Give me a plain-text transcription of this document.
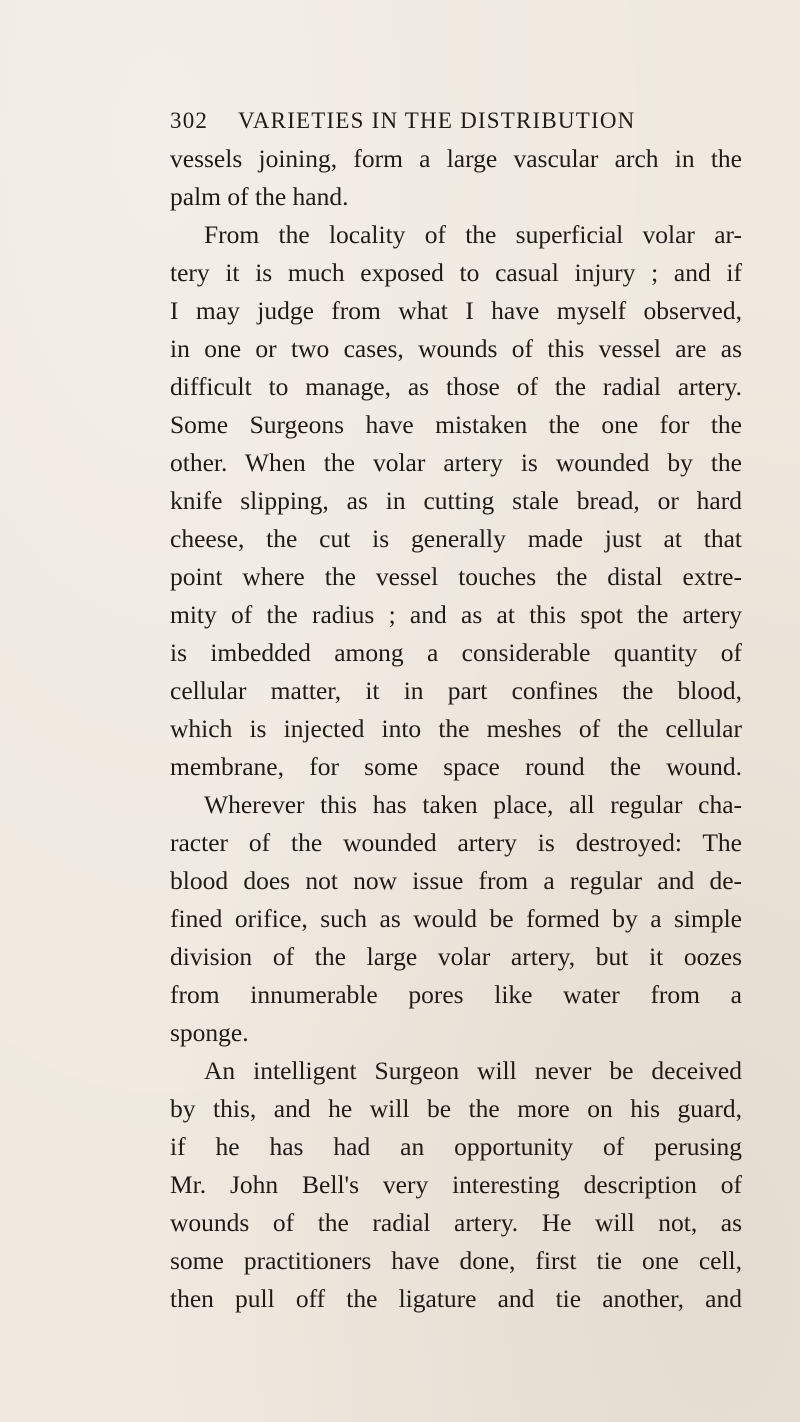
302 VARIETIES IN THE DISTRIBUTION
vessels joining, form a large vascular arch in the
palm of the hand.
From the locality of the superficial volar ar-
tery it is much exposed to casual injury ; and if
I may judge from what I have myself observed,
in one or two cases, wounds of this vessel are as
difficult to manage, as those of the radial artery.
Some Surgeons have mistaken the one for the
other. When the volar artery is wounded by the
knife slipping, as in cutting stale bread, or hard
cheese, the cut is generally made just at that
point where the vessel touches the distal extre-
mity of the radius ; and as at this spot the artery
is imbedded among a considerable quantity of
cellular matter, it in part confines the blood,
which is injected into the meshes of the cellular
membrane, for some space round the wound.
Wherever this has taken place, all regular cha-
racter of the wounded artery is destroyed: The
blood does not now issue from a regular and de-
fined orifice, such as would be formed by a simple
division of the large volar artery, but it oozes
from innumerable pores like water from a
sponge.
An intelligent Surgeon will never be deceived
by this, and he will be the more on his guard,
if he has had an opportunity of perusing
Mr. John Bell's very interesting description of
wounds of the radial artery. He will not, as
some practitioners have done, first tie one cell,
then pull off the ligature and tie another, and
